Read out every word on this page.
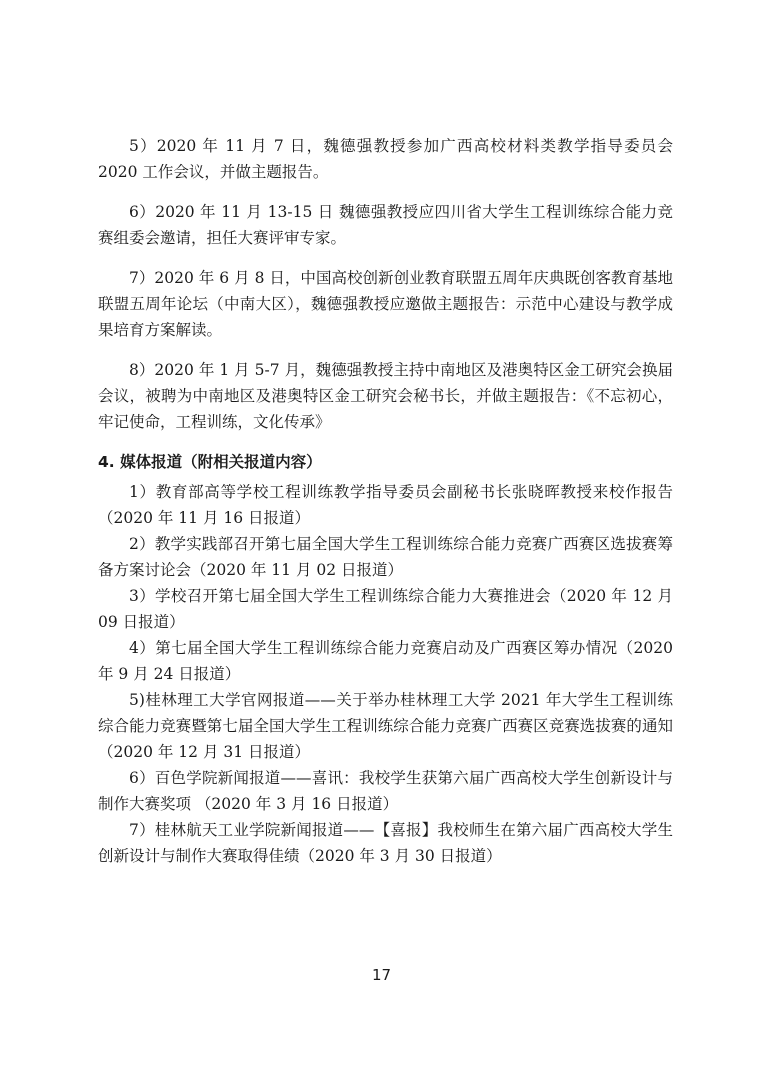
5）2020 年 11 月 7 日，魏德强教授参加广西高校材料类教学指导委员会 2020 工作会议，并做主题报告。

6）2020 年 11 月 13-15 日 魏德强教授应四川省大学生工程训练综合能力竞赛组委会邀请，担任大赛评审专家。

7）2020 年 6 月 8 日，中国高校创新创业教育联盟五周年庆典既创客教育基地联盟五周年论坛（中南大区），魏德强教授应邀做主题报告：示范中心建设与教学成果培育方案解读。

8）2020 年 1 月 5-7 月，魏德强教授主持中南地区及港奥特区金工研究会换届会议，被聘为中南地区及港奥特区金工研究会秘书长，并做主题报告：《不忘初心，牢记使命，工程训练，文化传承》

4. 媒体报道（附相关报道内容）

1）教育部高等学校工程训练教学指导委员会副秘书长张晓晖教授来校作报告（2020 年 11 月 16 日报道）

2）教学实践部召开第七届全国大学生工程训练综合能力竞赛广西赛区选拔赛筹备方案讨论会（2020 年 11 月 02 日报道）

3）学校召开第七届全国大学生工程训练综合能力大赛推进会（2020 年 12 月 09 日报道）

4）第七届全国大学生工程训练综合能力竞赛启动及广西赛区筹办情况（2020 年 9 月 24 日报道）

5)桂林理工大学官网报道——关于举办桂林理工大学 2021 年大学生工程训练综合能力竞赛暨第七届全国大学生工程训练综合能力竞赛广西赛区竞赛选拔赛的通知（2020 年 12 月 31 日报道）

6）百色学院新闻报道——喜讯：我校学生获第六届广西高校大学生创新设计与制作大赛奖项 （2020 年 3 月 16 日报道）

7）桂林航天工业学院新闻报道——【喜报】我校师生在第六届广西高校大学生创新设计与制作大赛取得佳绩（2020 年 3 月 30 日报道）

17
